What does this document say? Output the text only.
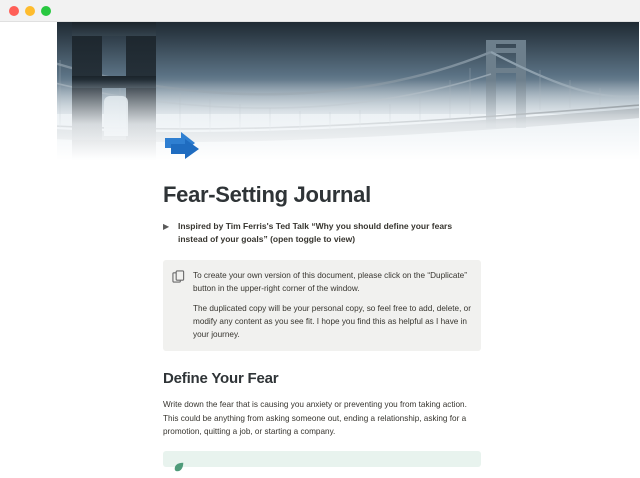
Fear-Setting Journal
▶	Inspired by Tim Ferris's Ted Talk “Why you should define your fears instead of your goals” (open toggle to view)

To create your own version of this document, please click on the “Duplicate” button in the upper-right corner of the window.

The duplicated copy will be your personal copy, so feel free to add, delete, or modify any content as you see fit. I hope you find this as helpful as I have in your journey.

Define Your Fear

Write down the fear that is causing you anxiety or preventing you from taking action. This could be anything from asking someone out, ending a relationship, asking for a promotion, quitting a job, or starting a company.
